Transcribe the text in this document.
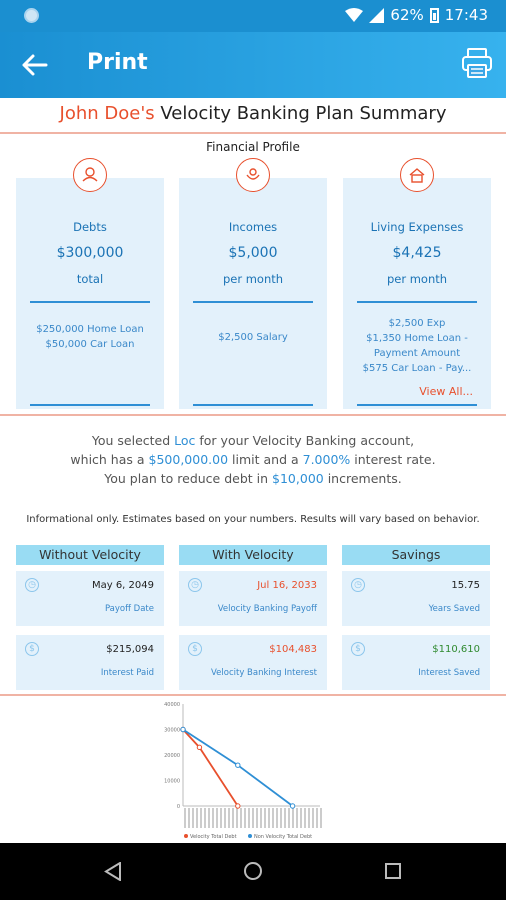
62% 17:43
Print
John Doe's Velocity Banking Plan Summary
Financial Profile
Debts
$300,000
total
$250,000 Home Loan
$50,000 Car Loan
Incomes
$5,000
per month
$2,500 Salary
Living Expenses
$4,425
per month
$2,500 Exp
$1,350 Home Loan -
Payment Amount
$575 Car Loan - Pay...
View All...
You selected Loc for your Velocity Banking account,
which has a $500,000.00 limit and a 7.000% interest rate.
You plan to reduce debt in $10,000 increments.
Informational only. Estimates based on your numbers. Results will vary based on behavior.
Without Velocity	With Velocity	Savings
◷	May 6, 2049
Payoff Date
◷	Jul 16, 2033
Velocity Banking Payoff
◷	15.75
Years Saved
$	$215,094
Interest Paid
$	$104,483
Velocity Banking Interest
$	$110,610
Interest Saved
40000
30000
20000
10000
0
Velocity Total Debt	Non Velocity Total Debt
